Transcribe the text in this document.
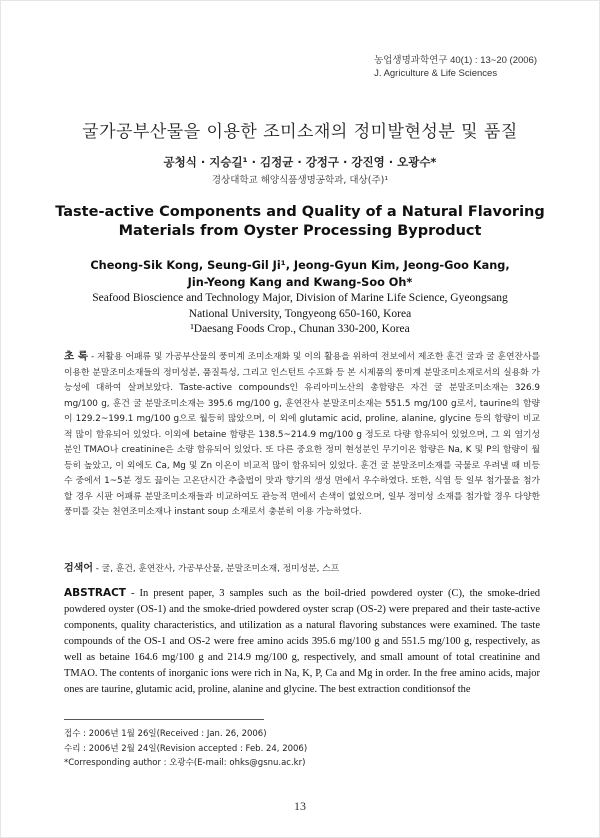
농업생명과학연구 40(1) : 13~20 (2006)
J. Agriculture & Life Sciences
굴가공부산물을 이용한 조미소재의 정미발현성분 및 품질
공청식 · 지승길¹ · 김정균 · 강정구 · 강진영 · 오광수*
경상대학교 해양식품생명공학과, 대상(주)¹
Taste-active Components and Quality of a Natural Flavoring
Materials from Oyster Processing Byproduct
Cheong-Sik Kong, Seung-Gil Ji¹, Jeong-Gyun Kim, Jeong-Goo Kang,
Jin-Yeong Kang and Kwang-Soo Oh*
Seafood Bioscience and Technology Major, Division of Marine Life Science, Gyeongsang
National University, Tongyeong 650-160, Korea
¹Daesang Foods Crop., Chunan 330-200, Korea
초 록 - 저활용 어패류 및 가공부산물의 풍미계 조미소재화 및 이의 활용을 위하여 전보에서 제조한 훈건 굴과 굴 훈연잔사를 이용한 분말조미소재들의 정미성분, 품질특성, 그리고 인스턴트 수프화 등 본 시제품의 풍미계 분말조미소재로서의 실용화 가능성에 대하여 살펴보았다. Taste-active compounds인 유리아미노산의 총함량은 자건 굴 분말조미소재는 326.9 mg/100 g, 훈건 굴 분말조미소재는 395.6 mg/100 g, 훈연잔사 분말조미소재는 551.5 mg/100 g로서, taurine의 함량이 129.2~199.1 mg/100 g으로 월등히 많았으며, 이 외에 glutamic acid, proline, alanine, glycine 등의 함량이 비교적 많이 함유되어 있었다. 이외에 betaine 함량은 138.5~214.9 mg/100 g 정도로 다량 함유되어 있었으며, 그 외 염기성분인 TMAO나 creatinine은 소량 함유되어 있었다. 또 다른 중요한 정미 현성분인 무기이온 함량은 Na, K 및 P의 함량이 월등히 높았고, 이 외에도 Ca, Mg 및 Zn 이온이 비교적 많이 함유되어 있었다. 훈건 굴 분말조미소재를 국물로 우려낼 때 비등수 중에서 1~5분 정도 끓이는 고온단시간 추출법이 맛과 향기의 생성 면에서 우수하였다. 또한, 식염 등 일부 첨가물을 첨가할 경우 시판 어패류 분말조미소재들과 비교하여도 관능적 면에서 손색이 없었으며, 일부 정미성 소재를 첨가할 경우 다양한 풍미를 갖는 천연조미소재나 instant soup 소재로서 충분히 이용 가능하였다.
검색어 - 굴, 훈건, 훈연잔사, 가공부산물, 분말조미소재, 정미성분, 스프
ABSTRACT - In present paper, 3 samples such as the boil-dried powdered oyster (C), the smoke-dried powdered oyster (OS-1) and the smoke-dried powdered oyster scrap (OS-2) were prepared and their taste-active components, quality characteristics, and utilization as a natural flavoring substances were examined. The taste compounds of the OS-1 and OS-2 were free amino acids 395.6 mg/100 g and 551.5 mg/100 g, respectively, as well as betaine 164.6 mg/100 g and 214.9 mg/100 g, respectively, and small amount of total creatinine and TMAO. The contents of inorganic ions were rich in Na, K, P, Ca and Mg in order. In the free amino acids, major ones are taurine, glutamic acid, proline, alanine and glycine. The best extraction conditionsof the
접수 : 2006년 1월 26일(Received : Jan. 26, 2006)
수리 : 2006년 2월 24일(Revision accepted : Feb. 24, 2006)
*Corresponding author : 오광수(E-mail: ohks@gsnu.ac.kr)
13
